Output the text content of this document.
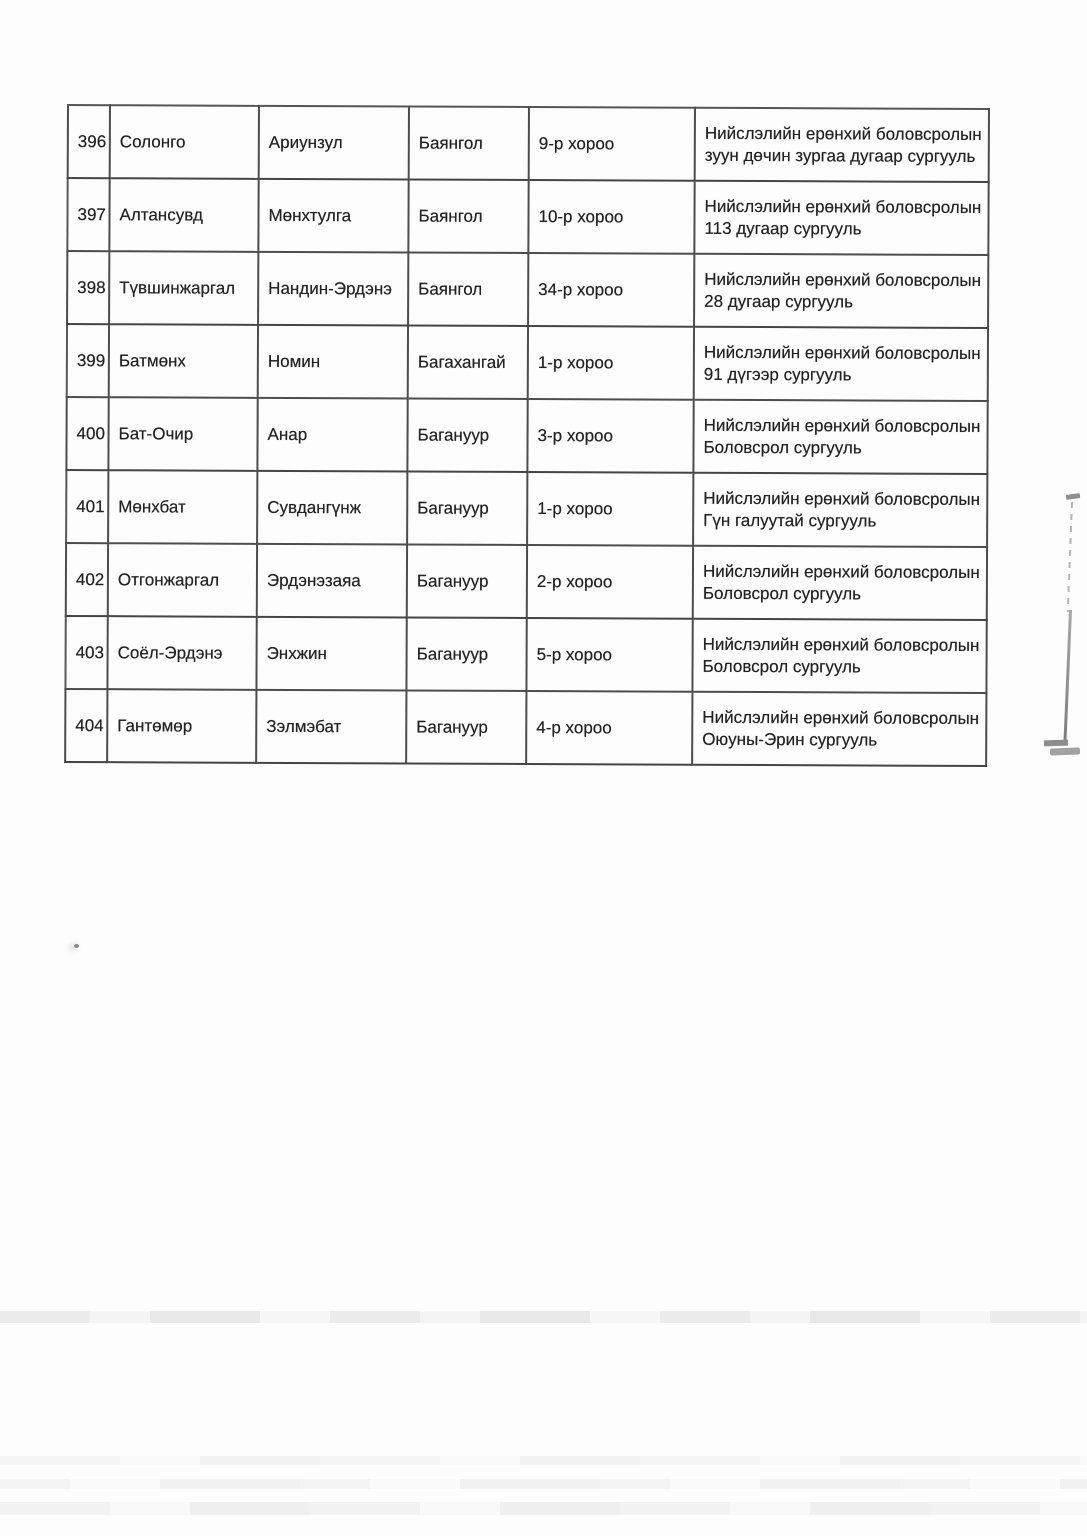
396	Солонго	Ариунзул	Баянгол	9-р хороо	Нийслэлийн ерөнхий боловсролын зуун дөчин зургаа дугаар сургууль
397	Алтансувд	Мөнхтулга	Баянгол	10-р хороо	Нийслэлийн ерөнхий боловсролын 113 дугаар сургууль
398	Түвшинжаргал	Нандин-Эрдэнэ	Баянгол	34-р хороо	Нийслэлийн ерөнхий боловсролын 28 дугаар сургууль
399	Батмөнх	Номин	Багахангай	1-р хороо	Нийслэлийн ерөнхий боловсролын 91 дүгээр сургууль
400	Бат-Очир	Анар	Багануур	3-р хороо	Нийслэлийн ерөнхий боловсролын Боловсрол сургууль
401	Мөнхбат	Сувдангүнж	Багануур	1-р хороо	Нийслэлийн ерөнхий боловсролын Гүн галуутай сургууль
402	Отгонжаргал	Эрдэнэзаяа	Багануур	2-р хороо	Нийслэлийн ерөнхий боловсролын Боловсрол сургууль
403	Соёл-Эрдэнэ	Энхжин	Багануур	5-р хороо	Нийслэлийн ерөнхий боловсролын Боловсрол сургууль
404	Гантөмөр	Зэлмэбат	Багануур	4-р хороо	Нийслэлийн ерөнхий боловсролын Оюуны-Эрин сургууль
